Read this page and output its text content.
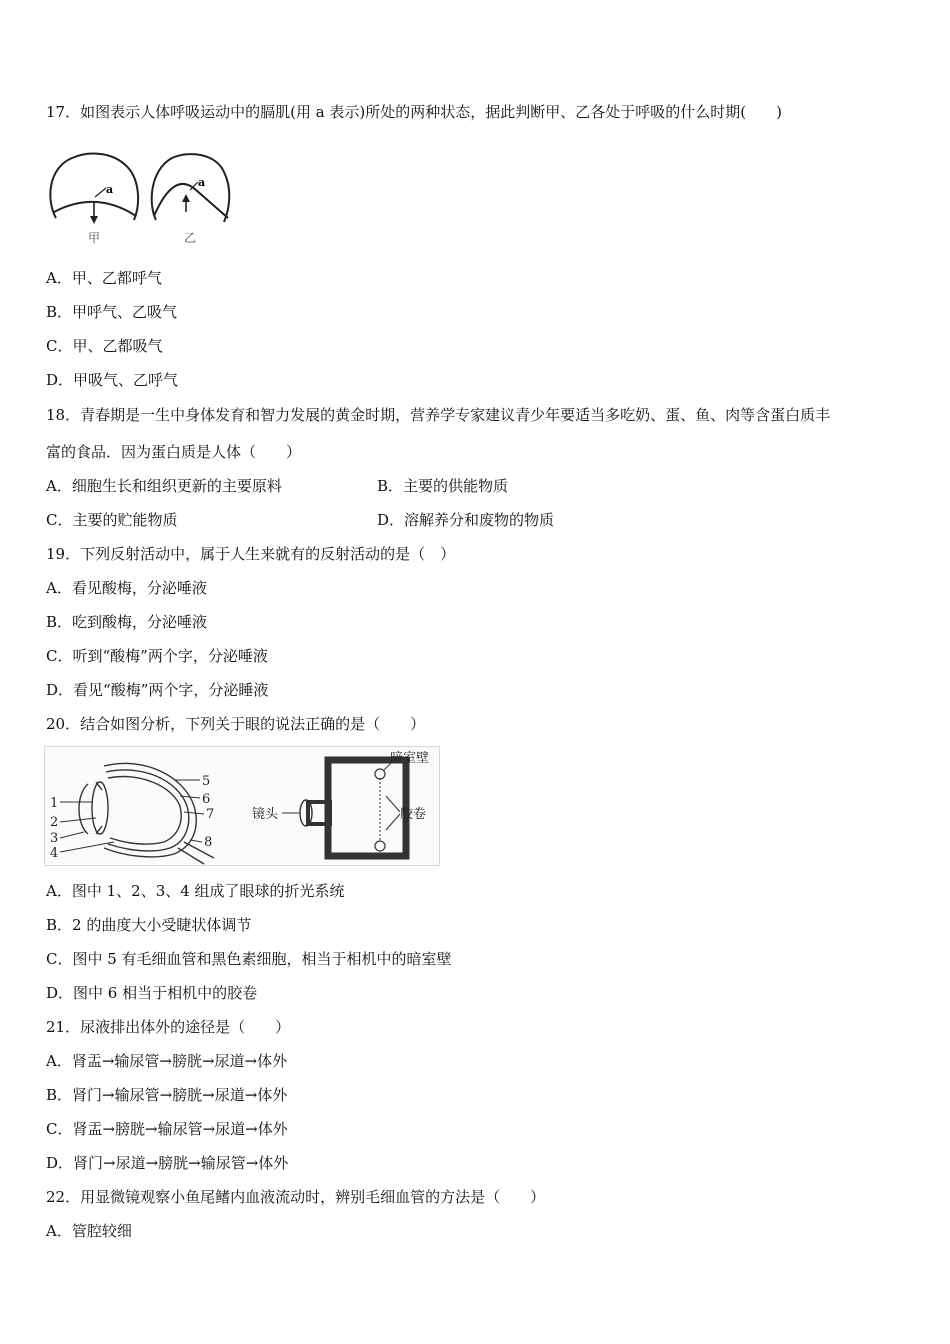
17．如图表示人体呼吸运动中的膈肌(用 a 表示)所处的两种状态，据此判断甲、乙各处于呼吸的什么时期(　　)
a
甲
a
乙
A．甲、乙都呼气
B．甲呼气、乙吸气
C．甲、乙都吸气
D．甲吸气、乙呼气
18．青春期是一生中身体发育和智力发展的黄金时期，营养学专家建议青少年要适当多吃奶、蛋、鱼、肉等含蛋白质丰
富的食品．因为蛋白质是人体（　　）
A．细胞生长和组织更新的主要原料	B．主要的供能物质
C．主要的贮能物质	D．溶解养分和废物的物质
19．下列反射活动中，属于人生来就有的反射活动的是（　）
A．看见酸梅，分泌唾液
B．吃到酸梅，分泌唾液
C．听到“酸梅”两个字，分泌唾液
D．看见“酸梅”两个字，分泌睡液
20．结合如图分析，下列关于眼的说法正确的是（　　）
1
2
3
4
5
6
7
8
暗室壁
镜头	胶卷
A．图中 1、2、3、4 组成了眼球的折光系统
B．2 的曲度大小受睫状体调节
C．图中 5 有毛细血管和黑色素细胞，相当于相机中的暗室壁
D．图中 6 相当于相机中的胶卷
21．尿液排出体外的途径是（　　）
A．肾盂→输尿管→膀胱→尿道→体外
B．肾门→输尿管→膀胱→尿道→体外
C．肾盂→膀胱→输尿管→尿道→体外
D．肾门→尿道→膀胱→输尿管→体外
22．用显微镜观察小鱼尾鳍内血液流动时，辨别毛细血管的方法是（　　）
A．管腔较细
